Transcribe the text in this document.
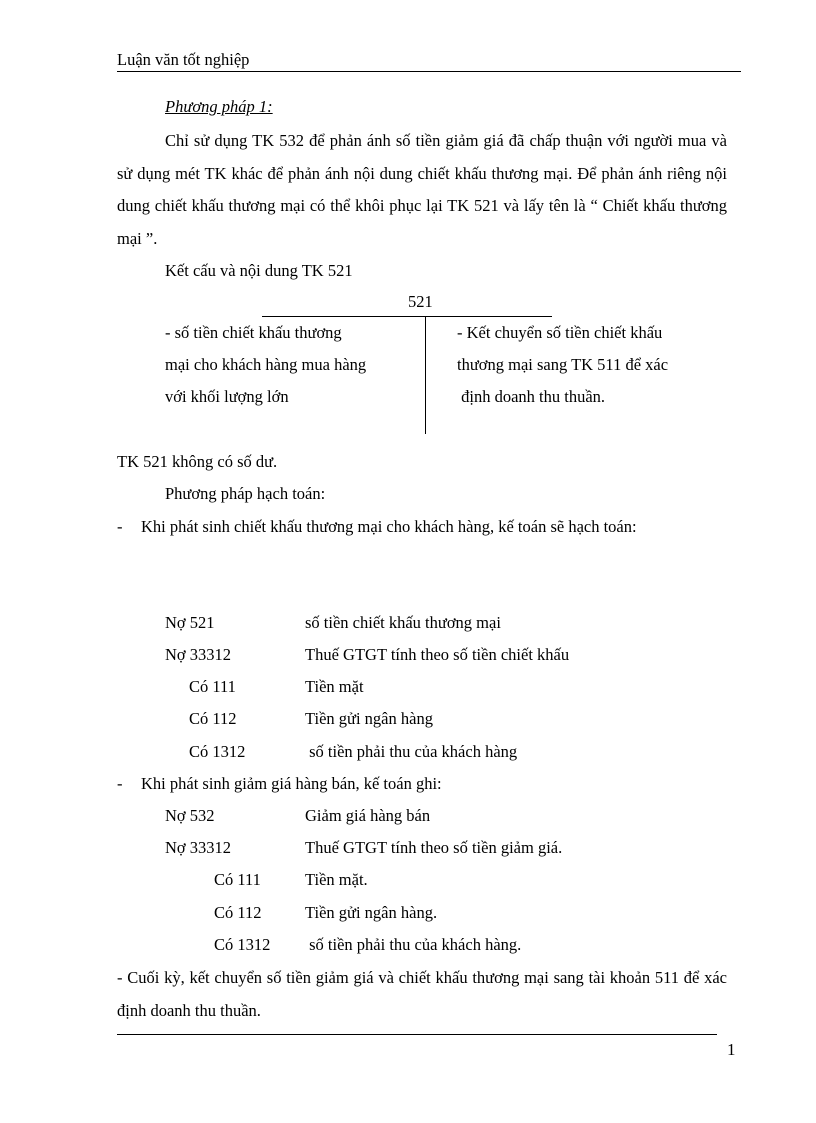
Luận văn tốt nghiệp
Phương pháp 1:
Chỉ sử dụng TK 532 để phản ánh số tiền giảm giá đã chấp thuận với người mua và sử dụng mét TK khác để phản ánh nội dung chiết khấu thương mại. Để phản ánh riêng nội dung chiết khấu thương mại có thể khôi phục lại TK 521 và lấy tên là “ Chiết khấu thương mại ”.
Kết cấu và nội dung TK 521
521
- số tiền chiết khấu thương
mại cho khách hàng mua hàng
với khối lượng lớn
- Kết chuyển số tiền chiết khấu
thương mại sang TK 511 để xác
định doanh thu thuần.
TK 521 không có số dư.
Phương pháp hạch toán:
- Khi phát sinh chiết khấu thương mại cho khách hàng, kế toán sẽ hạch toán:
Nợ 521	số tiền chiết khấu thương mại
Nợ 33312	Thuế GTGT tính theo số tiền chiết khấu
Có 111	Tiền mặt
Có 112	Tiền gửi ngân hàng
Có 1312	số tiền phải thu của khách hàng
- Khi phát sinh giảm giá hàng bán, kế toán ghi:
Nợ 532	Giảm giá hàng bán
Nợ 33312	Thuế GTGT tính theo số tiền giảm giá.
Có 111	Tiền mặt.
Có 112	Tiền gửi ngân hàng.
Có 1312 số tiền phải thu của khách hàng.
- Cuối kỳ, kết chuyển số tiền giảm giá và chiết khấu thương mại sang tài khoản 511 để xác định doanh thu thuần.
1
